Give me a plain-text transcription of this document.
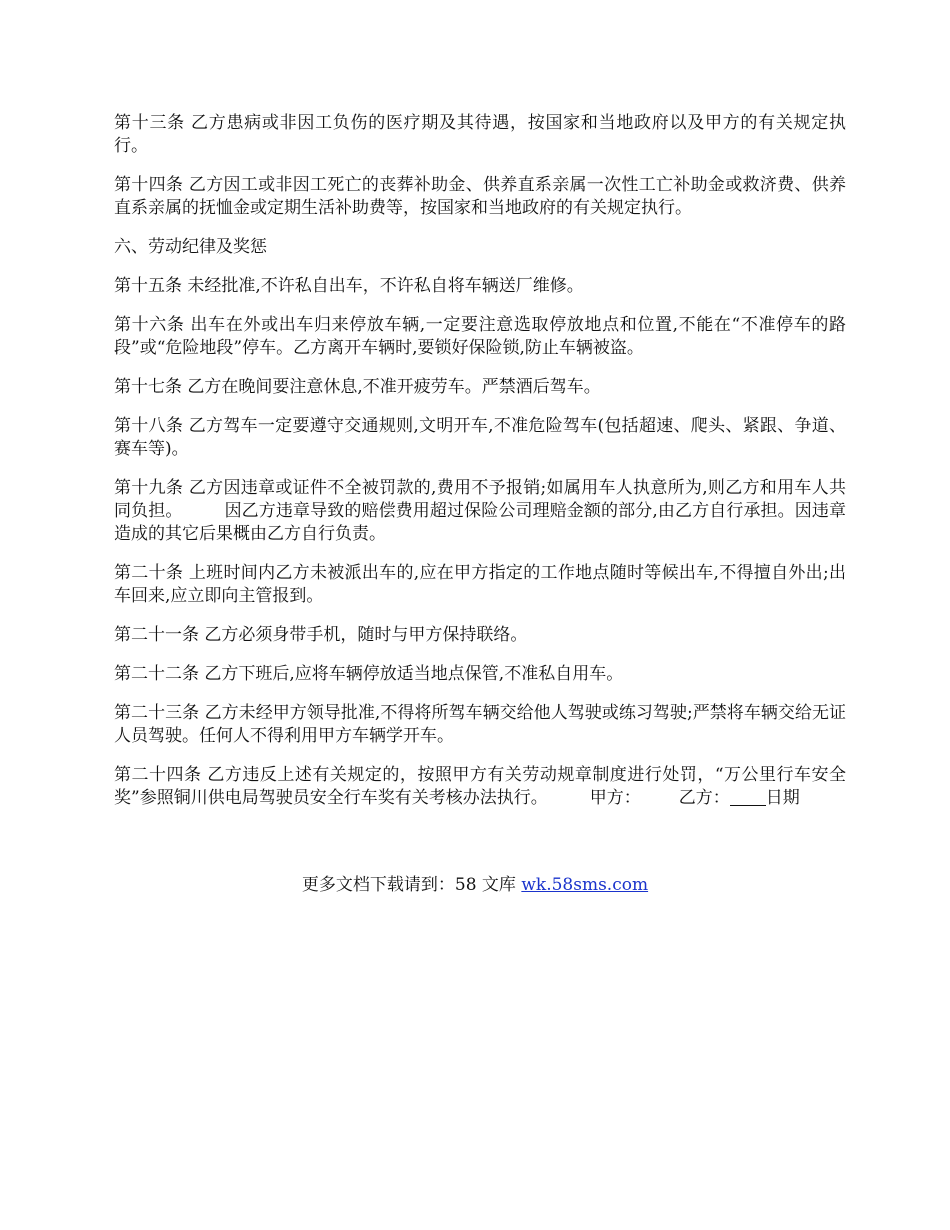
第十三条 乙方患病或非因工负伤的医疗期及其待遇，按国家和当地政府以及甲方的有关规定执行。

第十四条 乙方因工或非因工死亡的丧葬补助金、供养直系亲属一次性工亡补助金或救济费、供养直系亲属的抚恤金或定期生活补助费等，按国家和当地政府的有关规定执行。

六、劳动纪律及奖惩

第十五条 未经批准,不许私自出车，不许私自将车辆送厂维修。

第十六条 出车在外或出车归来停放车辆,一定要注意选取停放地点和位置,不能在“不准停车的路段”或“危险地段”停车。乙方离开车辆时,要锁好保险锁,防止车辆被盗。

第十七条 乙方在晚间要注意休息,不准开疲劳车。严禁酒后驾车。

第十八条 乙方驾车一定要遵守交通规则,文明开车,不准危险驾车(包括超速、爬头、紧跟、争道、赛车等)。

第十九条 乙方因违章或证件不全被罚款的,费用不予报销;如属用车人执意所为,则乙方和用车人共同负担。 因乙方违章导致的赔偿费用超过保险公司理赔金额的部分,由乙方自行承担。因违章造成的其它后果概由乙方自行负责。

第二十条 上班时间内乙方未被派出车的,应在甲方指定的工作地点随时等候出车,不得擅自外出;出车回来,应立即向主管报到。

第二十一条 乙方必须身带手机，随时与甲方保持联络。

第二十二条 乙方下班后,应将车辆停放适当地点保管,不准私自用车。

第二十三条 乙方未经甲方领导批准,不得将所驾车辆交给他人驾驶或练习驾驶;严禁将车辆交给无证人员驾驶。任何人不得利用甲方车辆学开车。

第二十四条 乙方违反上述有关规定的，按照甲方有关劳动规章制度进行处罚，“万公里行车安全奖”参照铜川供电局驾驶员安全行车奖有关考核办法执行。 甲方： 乙方： 日期

更多文档下载请到：58 文库 wk.58sms.com
